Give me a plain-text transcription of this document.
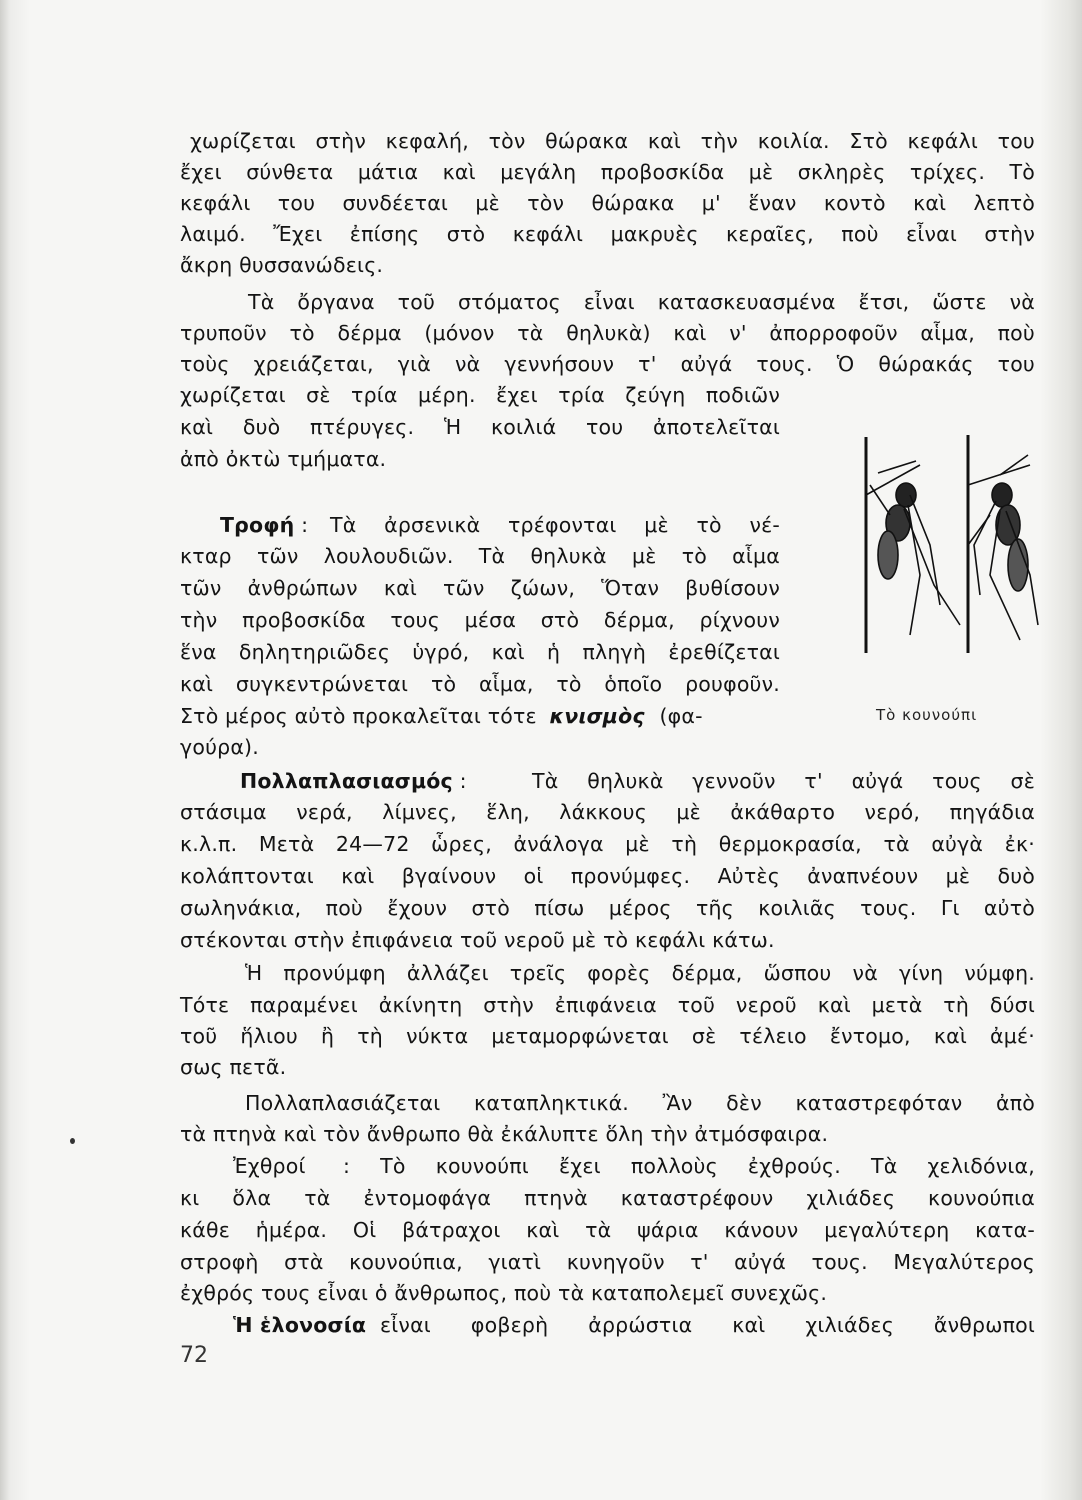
χωρίζεται στὴν κεφαλή, τὸν θώρακα καὶ τὴν κοιλία. Στὸ κεφάλι του
ἔχει σύνθετα μάτια καὶ μεγάλη προβοσκίδα μὲ σκληρὲς τρίχες. Τὸ
κεφάλι του συνδέεται μὲ τὸν θώρακα μ' ἕναν κοντὸ καὶ λεπτὸ
λαιμό. Ἔχει ἐπίσης στὸ κεφάλι μακρυὲς κεραῖες, ποὺ εἶναι στὴν
ἄκρη θυσσανώδεις.
Τὰ ὄργανα τοῦ στόματος εἶναι κατασκευασμένα ἔτσι, ὥστε νὰ
τρυποῦν τὸ δέρμα (μόνον τὰ θηλυκὰ) καὶ ν' ἀπορροφοῦν αἷμα, ποὺ
τοὺς χρειάζεται, γιὰ νὰ γεννήσουν τ' αὐγά τους. Ὁ θώρακάς του
χωρίζεται σὲ τρία μέρη. ἔχει τρία ζεύγη ποδιῶν
καὶ δυὸ πτέρυγες. Ἡ κοιλιά του ἀποτελεῖται
ἀπὸ ὀκτὼ τμήματα.
Τροφή : Τὰ ἀρσενικὰ τρέφονται μὲ τὸ νέ-
κταρ τῶν λουλουδιῶν. Τὰ θηλυκὰ μὲ τὸ αἷμα
τῶν ἀνθρώπων καὶ τῶν ζώων, Ὅταν βυθίσουν
τὴν προβοσκίδα τους μέσα στὸ δέρμα, ρίχνουν
ἕνα δηλητηριῶδες ὑγρό, καὶ ἡ πληγὴ ἐρεθίζεται
καὶ συγκεντρώνεται τὸ αἷμα, τὸ ὁποῖο ρουφοῦν.
Στὸ μέρος αὐτὸ προκαλεῖται τότε κνισμὸς (φα-
γούρα).
Τὸ κουνούπι
Πολλαπλασιασμός :	Τὰ θηλυκὰ γεννοῦν τ' αὐγά τους σὲ
στάσιμα νερά, λίμνες, ἕλη, λάκκους μὲ ἀκάθαρτο νερό, πηγάδια
κ.λ.π. Μετὰ 24—72 ὧρες, ἀνάλογα μὲ τὴ θερμοκρασία, τὰ αὐγὰ ἐκ·
κολάπτονται καὶ βγαίνουν οἱ προνύμφες. Αὐτὲς ἀναπνέουν μὲ δυὸ
σωληνάκια, ποὺ ἔχουν στὸ πίσω μέρος τῆς κοιλιᾶς τους. Γι αὐτὸ
στέκονται στὴν ἐπιφάνεια τοῦ νεροῦ μὲ τὸ κεφάλι κάτω.
Ἡ προνύμφη ἀλλάζει τρεῖς φορὲς δέρμα, ὥσπου νὰ γίνη νύμφη.
Τότε παραμένει ἀκίνητη στὴν ἐπιφάνεια τοῦ νεροῦ καὶ μετὰ τὴ δύσι
τοῦ ἥλιου ἢ τὴ νύκτα μεταμορφώνεται σὲ τέλειο ἔντομο, καὶ ἀμέ·
σως πετᾶ.
Πολλαπλασιάζεται καταπληκτικά. Ἂν δὲν καταστρεφόταν ἀπὸ
τὰ πτηνὰ καὶ τὸν ἄνθρωπο θὰ ἐκάλυπτε ὅλη τὴν ἀτμόσφαιρα.
Ἐχθροί : Τὸ κουνούπι ἔχει πολλοὺς ἐχθρούς. Τὰ χελιδόνια,
κι ὅλα τὰ ἐντομοφάγα πτηνὰ καταστρέφουν χιλιάδες κουνούπια
κάθε ἡμέρα. Οἱ βάτραχοι καὶ τὰ ψάρια κάνουν μεγαλύτερη κατα-
στροφὴ στὰ κουνούπια, γιατὶ κυνηγοῦν τ' αὐγά τους. Μεγαλύτερος
ἐχθρός τους εἶναι ὁ ἄνθρωπος, ποὺ τὰ καταπολεμεῖ συνεχῶς.
Ἡ ἑλονοσία εἶναι φοβερὴ ἀρρώστια καὶ χιλιάδες ἄνθρωποι
72
